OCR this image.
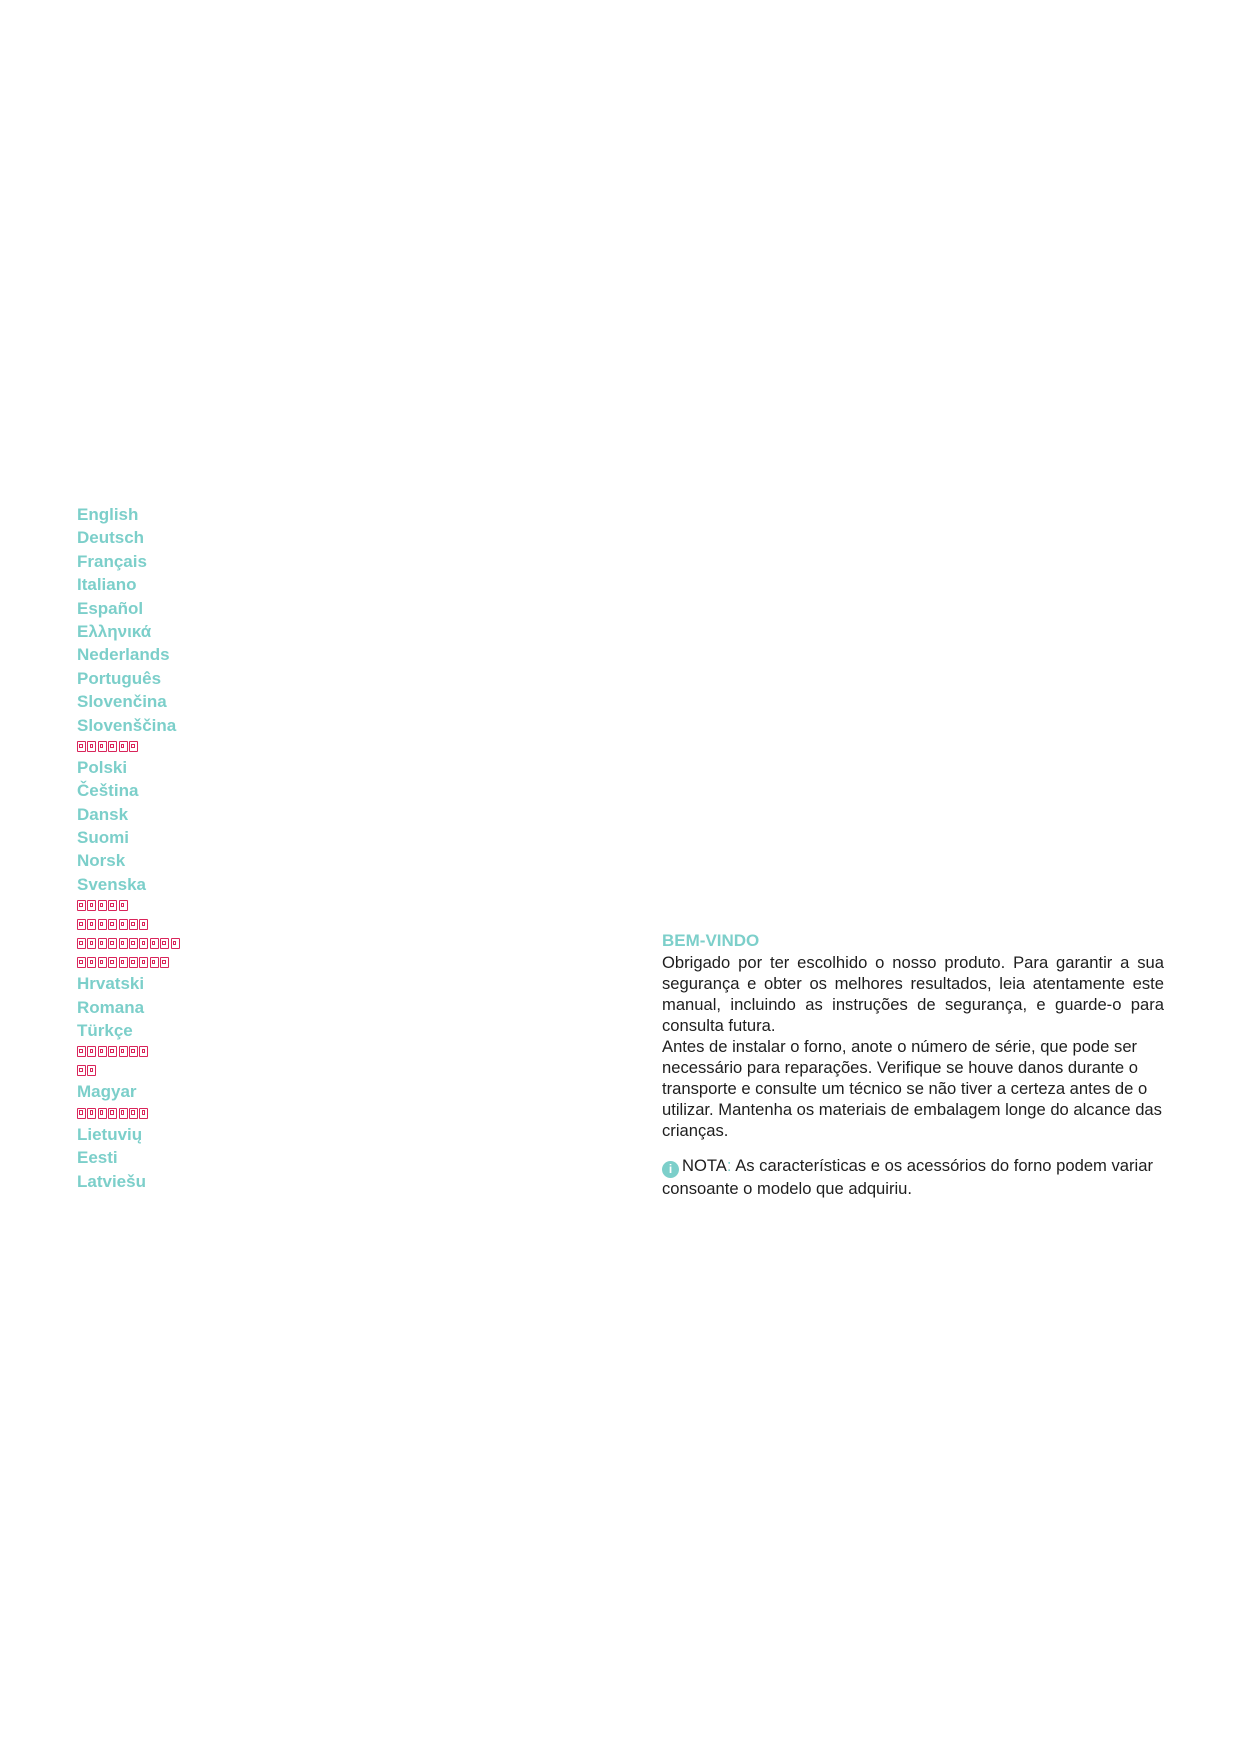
English
Deutsch
Français
Italiano
Español
Ελληνικά
Nederlands
Português
Slovenčina
Slovenščina
Polski
Čeština
Dansk
Suomi
Norsk
Svenska
Hrvatski
Romana
Türkçe
Magyar
Lietuvių
Eesti
Latviešu

BEM-VINDO

Obrigado por ter escolhido o nosso produto. Para garantir a sua segurança e obter os melhores resultados, leia atentamente este manual, incluindo as instruções de segurança, e guarde-o para consulta futura.

Antes de instalar o forno, anote o número de série, que pode ser necessário para reparações. Verifique se houve danos durante o transporte e consulte um técnico se não tiver a certeza antes de o utilizar. Mantenha os materiais de embalagem longe do alcance das crianças.

i NOTA: As características e os acessórios do forno podem variar consoante o modelo que adquiriu.
